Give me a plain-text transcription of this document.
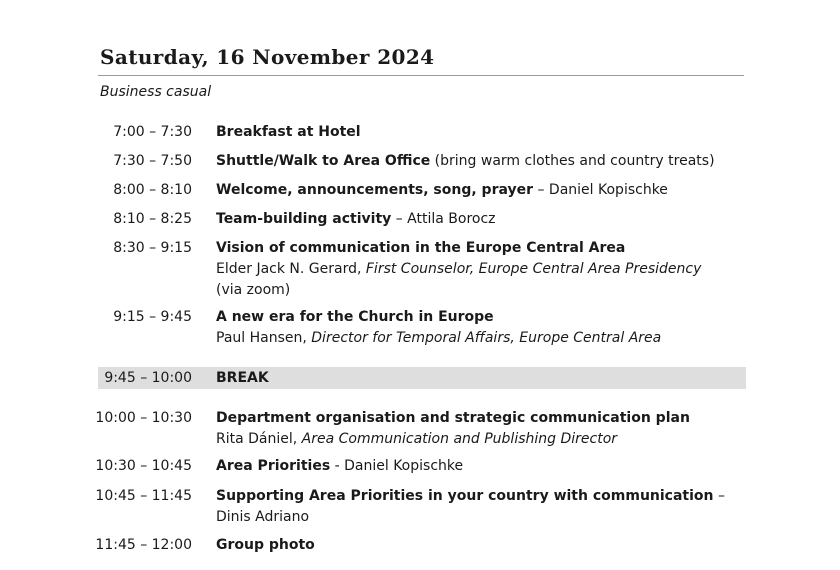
Saturday, 16 November 2024
Business casual
7:00 – 7:30 Breakfast at Hotel
7:30 – 7:50 Shuttle/Walk to Area Office (bring warm clothes and country treats)
8:00 – 8:10 Welcome, announcements, song, prayer – Daniel Kopischke
8:10 – 8:25 Team-building activity – Attila Borocz
8:30 – 9:15 Vision of communication in the Europe Central Area
Elder Jack N. Gerard, First Counselor, Europe Central Area Presidency
(via zoom)
9:15 – 9:45 A new era for the Church in Europe
Paul Hansen, Director for Temporal Affairs, Europe Central Area
9:45 – 10:00 BREAK
10:00 – 10:30 Department organisation and strategic communication plan
Rita Dániel, Area Communication and Publishing Director
10:30 – 10:45 Area Priorities - Daniel Kopischke
10:45 – 11:45 Supporting Area Priorities in your country with communication –
Dinis Adriano
11:45 – 12:00 Group photo
